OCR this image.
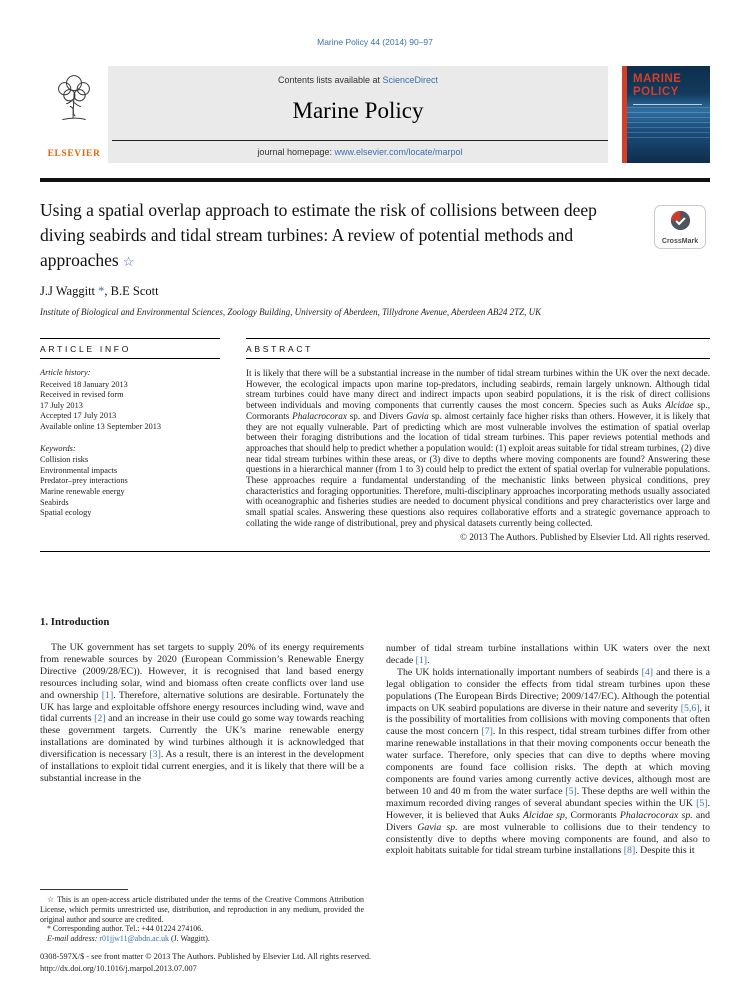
Marine Policy 44 (2014) 90–97
ELSEVIER
Contents lists available at ScienceDirect
Marine Policy
journal homepage: www.elsevier.com/locate/marpol
MARINE
POLICY
Using a spatial overlap approach to estimate the risk of collisions between deep diving seabirds and tidal stream turbines: A review of potential methods and approaches ☆
CrossMark
J.J Waggitt *, B.E Scott
Institute of Biological and Environmental Sciences, Zoology Building, University of Aberdeen, Tillydrone Avenue, Aberdeen AB24 2TZ, UK
ARTICLE INFO
Article history:
Received 18 January 2013
Received in revised form
17 July 2013
Accepted 17 July 2013
Available online 13 September 2013
Keywords:
Collision risks
Environmental impacts
Predator–prey interactions
Marine renewable energy
Seabirds
Spatial ecology
ABSTRACT
It is likely that there will be a substantial increase in the number of tidal stream turbines within the UK over the next decade. However, the ecological impacts upon marine top-predators, including seabirds, remain largely unknown. Although tidal stream turbines could have many direct and indirect impacts upon seabird populations, it is the risk of direct collisions between individuals and moving components that currently causes the most concern. Species such as Auks Alcidae sp., Cormorants Phalacrocorax sp. and Divers Gavia sp. almost certainly face higher risks than others. However, it is likely that they are not equally vulnerable. Part of predicting which are most vulnerable involves the estimation of spatial overlap between their foraging distributions and the location of tidal stream turbines. This paper reviews potential methods and approaches that should help to predict whether a population would: (1) exploit areas suitable for tidal stream turbines, (2) dive near tidal stream turbines within these areas, or (3) dive to depths where moving components are found? Answering these questions in a hierarchical manner (from 1 to 3) could help to predict the extent of spatial overlap for vulnerable populations. These approaches require a fundamental understanding of the mechanistic links between physical conditions, prey characteristics and foraging opportunities. Therefore, multi-disciplinary approaches incorporating methods usually associated with oceanographic and fisheries studies are needed to document physical conditions and prey characteristics over large and small spatial scales. Answering these questions also requires collaborative efforts and a strategic governance approach to collating the wide range of distributional, prey and physical datasets currently being collected.
© 2013 The Authors. Published by Elsevier Ltd. All rights reserved.
1. Introduction
The UK government has set targets to supply 20% of its energy requirements from renewable sources by 2020 (European Commission’s Renewable Energy Directive (2009/28/EC)). However, it is recognised that land based energy resources including solar, wind and biomass often create conflicts over land use and ownership [1]. Therefore, alternative solutions are desirable. Fortunately the UK has large and exploitable offshore energy resources including wind, wave and tidal currents [2] and an increase in their use could go some way towards reaching these government targets. Currently the UK’s marine renewable energy installations are dominated by wind turbines although it is acknowledged that diversification is necessary [3]. As a result, there is an interest in the development of installations to exploit tidal current energies, and it is likely that there will be a substantial increase in the
☆ This is an open-access article distributed under the terms of the Creative Commons Attribution License, which permits unrestricted use, distribution, and reproduction in any medium, provided the original author and source are credited.
* Corresponding author. Tel.: +44 01224 274106.
E-mail address: r01jjw11@abdn.ac.uk (J. Waggitt).
number of tidal stream turbine installations within UK waters over the next decade [1].
The UK holds internationally important numbers of seabirds [4] and there is a legal obligation to consider the effects from tidal stream turbines upon these populations (The European Birds Directive; 2009/147/EC). Although the potential impacts on UK seabird populations are diverse in their nature and severity [5,6], it is the possibility of mortalities from collisions with moving components that often cause the most concern [7]. In this respect, tidal stream turbines differ from other marine renewable installations in that their moving components occur beneath the water surface. Therefore, only species that can dive to depths where moving components are found face collision risks. The depth at which moving components are found varies among currently active devices, although most are between 10 and 40 m from the water surface [5]. These depths are well within the maximum recorded diving ranges of several abundant species within the UK [5]. However, it is believed that Auks Alcidae sp, Cormorants Phalacrocorax sp. and Divers Gavia sp. are most vulnerable to collisions due to their tendency to consistently dive to depths where moving components are found, and also to exploit habitats suitable for tidal stream turbine installations [8]. Despite this it
0308-597X/$ - see front matter © 2013 The Authors. Published by Elsevier Ltd. All rights reserved.
http://dx.doi.org/10.1016/j.marpol.2013.07.007
